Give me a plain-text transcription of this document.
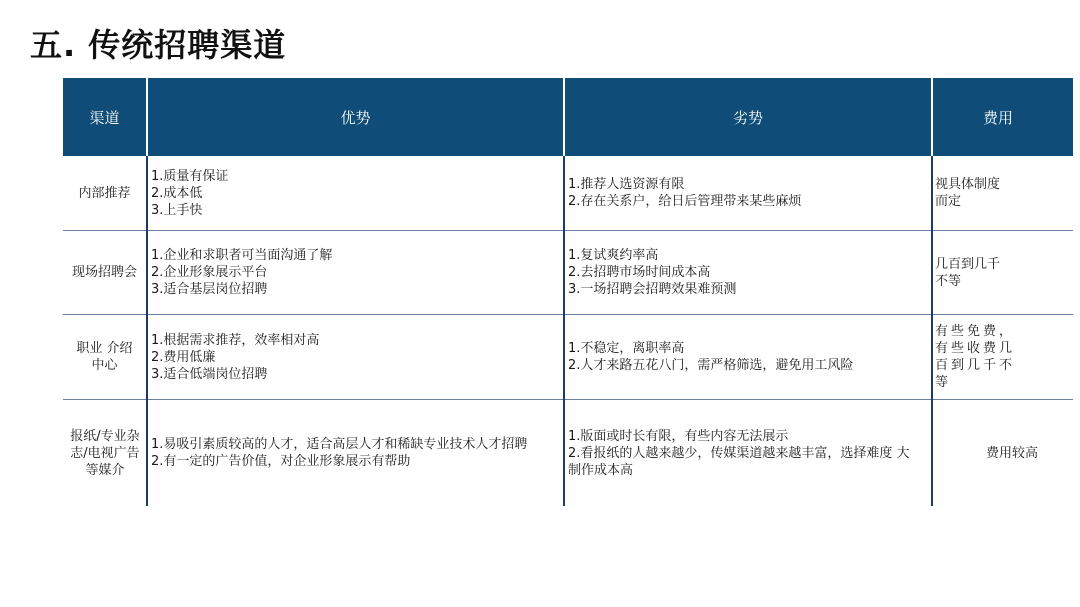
五. 传统招聘渠道
渠道	优势	劣势	费用
内部推荐	1.质量有保证
2.成本低
3.上手快	1.推荐人选资源有限
2.存在关系户，给日后管理带来某些麻烦	视具体制度而定

现场招聘会	1.企业和求职者可当面沟通了解
2.企业形象展示平台
3.适合基层岗位招聘	1.复试爽约率高
2.去招聘市场时间成本高
3.一场招聘会招聘效果难预测	几百到几千不等

职业 介绍中心	1.根据需求推荐，效率相对高
2.费用低廉
3.适合低端岗位招聘	1.不稳定，离职率高
2.人才来路五花八门，需严格筛选，避免用工风险	有些免费，有些收费几百到几千不等

报纸/专业杂志/电视广告等媒介	1.易吸引素质较高的人才，适合高层人才和稀缺专业技术人才招聘
2.有一定的广告价值，对企业形象展示有帮助	1.版面或时长有限，有些内容无法展示
2.看报纸的人越来越少，传媒渠道越来越丰富，选择难度 大
制作成本高	费用较高
